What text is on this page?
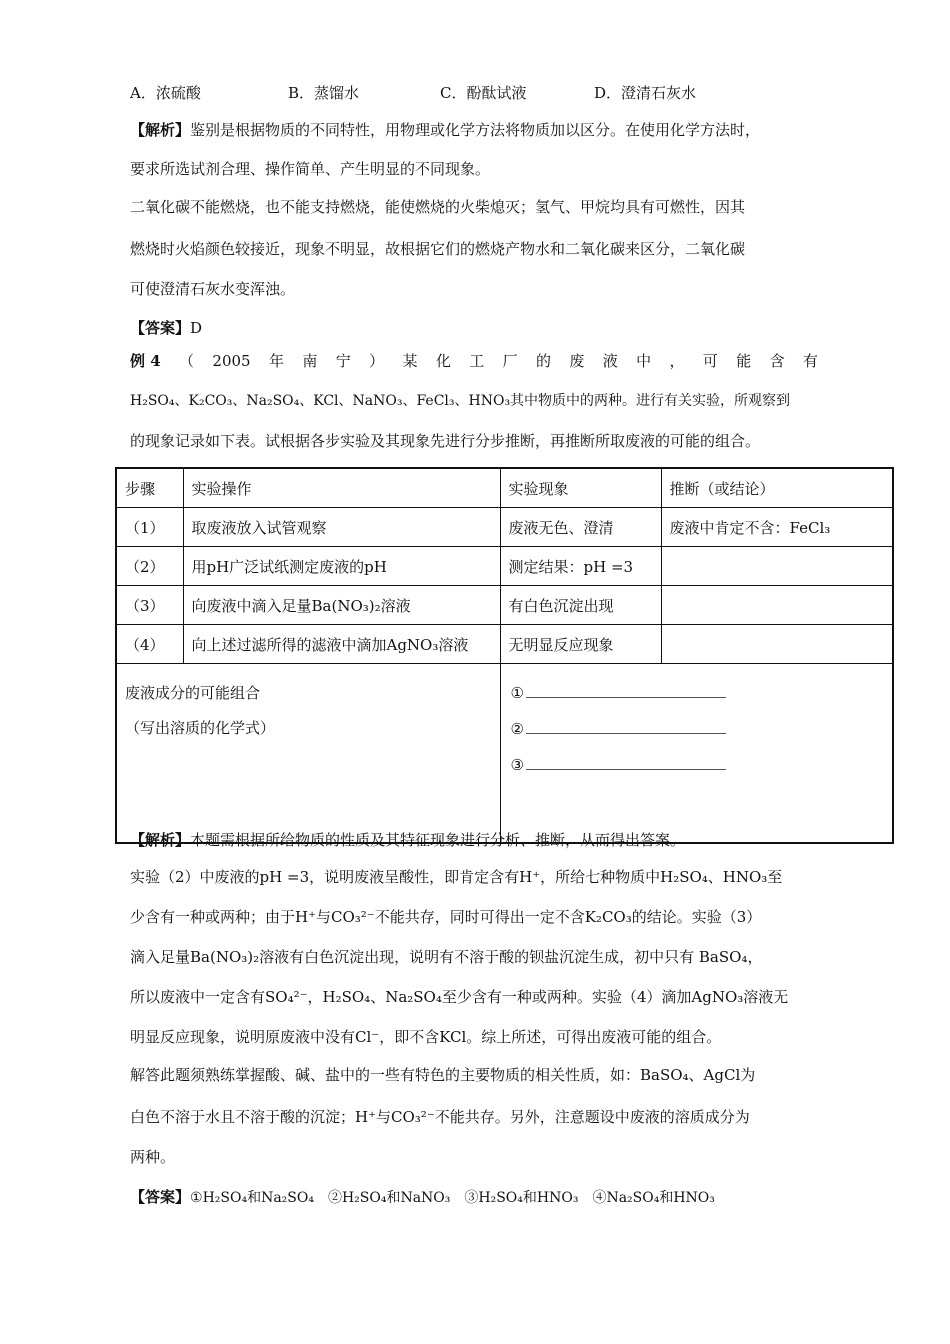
A．浓硫酸	B．蒸馏水	C．酚酞试液	D．澄清石灰水
【解析】鉴别是根据物质的不同特性，用物理或化学方法将物质加以区分。在使用化学方法时，
要求所选试剂合理、操作简单、产生明显的不同现象。
二氧化碳不能燃烧，也不能支持燃烧，能使燃烧的火柴熄灭；氢气、甲烷均具有可燃性，因其
燃烧时火焰颜色较接近，现象不明显，故根据它们的燃烧产物水和二氧化碳来区分，二氧化碳
可使澄清石灰水变浑浊。
【答案】D
例 4 （ 2005 年 南 宁 ） 某 化 工 厂 的 废 液 中 ， 可 能 含 有
H₂SO₄、K₂CO₃、Na₂SO₄、KCl、NaNO₃、FeCl₃、HNO₃其中物质中的两种。进行有关实验，所观察到
的现象记录如下表。试根据各步实验及其现象先进行分步推断，再推断所取废液的可能的组合。
步骤	实验操作	实验现象	推断（或结论）
（1）	取废液放入试管观察	废液无色、澄清	废液中肯定不含：FeCl₃
（2）	用pH广泛试纸测定废液的pH	测定结果：pH =3	
（3）	向废液中滴入足量Ba(NO₃)₂溶液	有白色沉淀出现	
（4）	向上述过滤所得的滤液中滴加AgNO₃溶液	无明显反应现象	
废液成分的可能组合
（写出溶质的化学式）		①
②
③	
【解析】本题需根据所给物质的性质及其特征现象进行分析、推断，从而得出答案。
实验（2）中废液的pH =3，说明废液呈酸性，即肯定含有H⁺，所给七种物质中H₂SO₄、HNO₃至
少含有一种或两种；由于H⁺与CO₃²⁻不能共存，同时可得出一定不含K₂CO₃的结论。实验（3）
滴入足量Ba(NO₃)₂溶液有白色沉淀出现，说明有不溶于酸的钡盐沉淀生成，初中只有 BaSO₄，
所以废液中一定含有SO₄²⁻，H₂SO₄、Na₂SO₄至少含有一种或两种。实验（4）滴加AgNO₃溶液无
明显反应现象，说明原废液中没有Cl⁻，即不含KCl。综上所述，可得出废液可能的组合。
解答此题须熟练掌握酸、碱、盐中的一些有特色的主要物质的相关性质，如：BaSO₄、AgCl为
白色不溶于水且不溶于酸的沉淀；H⁺与CO₃²⁻不能共存。另外，注意题设中废液的溶质成分为
两种。
【答案】①H₂SO₄和Na₂SO₄　②H₂SO₄和NaNO₃　③H₂SO₄和HNO₃　④Na₂SO₄和HNO₃
